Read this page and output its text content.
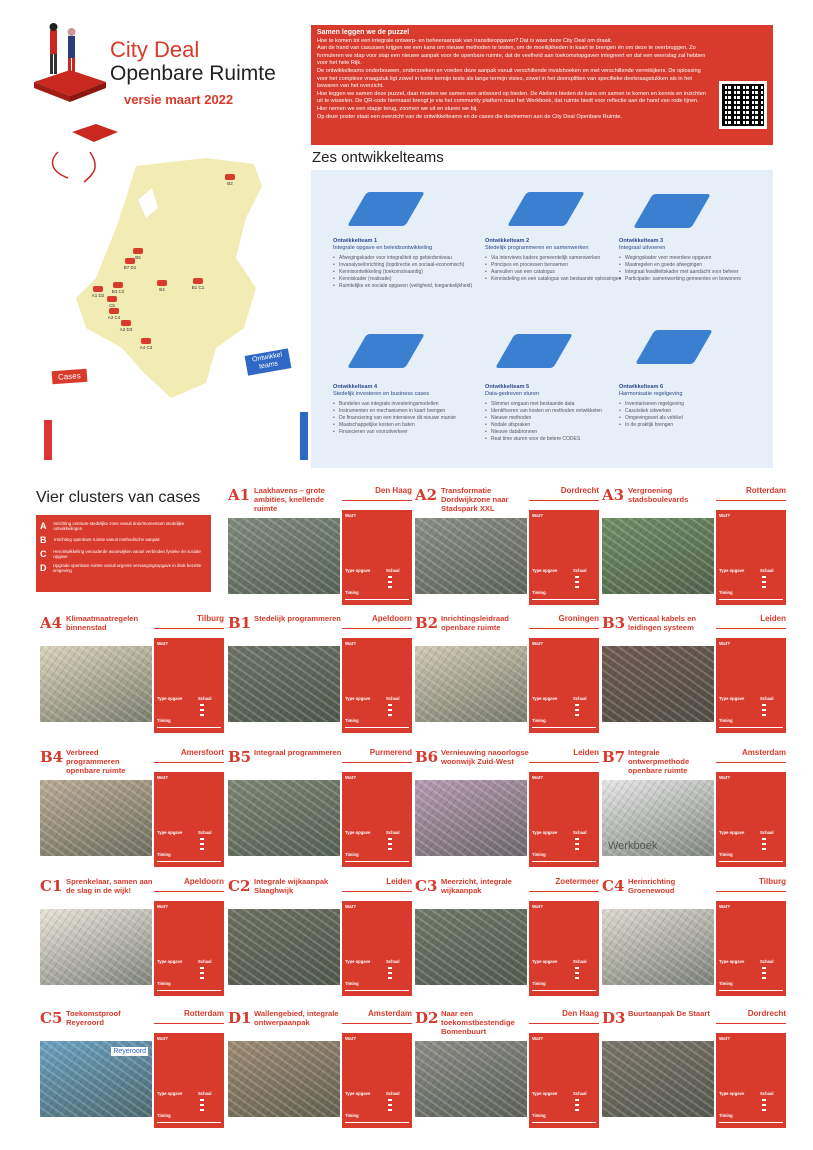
City Deal
Openbare Ruimte
versie maart 2022
B2
B5
B7 D1
B4	B1 C1
A1 D2
B3 C2
C5
A3 C4
A2 D3
A4 C3
Cases
Ontwikkel teams
Samen leggen we de puzzel
Hoe te komen tot een integrale ontwerp- en beheeraanpak van transitieopgaven? Dat is waar deze City Deal om draait.
Aan de hand van casussen krijgen we een kans om nieuwe methoden te testen, om de moeilijkheden in kaart te brengen én om deze te overbruggen. Zo formuleren we stap voor stap een nieuwe aanpak voor de openbare ruimte, dat de veelheid aan toekomstopgaven integreert en dat een weerslag zal hebben voor het hele Rijk.
De ontwikkelteams onderbouwen, onderzoeken en voeden deze aanpak vanuit verschillende invalshoeken en met verschillende verreikijkers. De oplossing voor het complexe vraagstuk ligt zowel in korte termijn tests als lange termijn visies, zowel in het doorsplitten van specifieke deelvraagstukken als in het bewaren van het overzicht.
Hoe leggen we samen deze puzzel, daar moeten we samen een antwoord op bieden. De Ateliers bieden de kans om samen te komen en kennis en inzichten uit te wisselen. De QR-code hiernaast brengt je via het community platform naar het Werkboek, dat ruimte biedt voor reflectie aan de hand van rode lijnen. Hier nemen we een stapje terug, zoomen we uit en sturen we bij.
Op deze poster staat een overzicht van de ontwikkelteams en de cases die deelnemen aan de City Deal Openbare Ruimte.
Zes ontwikkelteams
Ontwikkelteam 1
Integrale opgave en beleidsontwikkeling
• Afwegingskader voor integraliteit op gebiedsniveau
• Invanalyse/inrichting (topdirectie en sociaal-economisch)
• Kennisontwikkeling (toekomstvaardig)
• Kenniskader (realisatie)
• Ruimtelijke en sociale opgaven (veiligheid, toegankelijkheid)
Ontwikkelteam 2
Stedelijk programmeren en samenwerken
• Via interviews kaders gemeentelijk samenwerken
• Principes en processen benoemen
• Aanvullen van een catalogus
• Kennisdeling en een catalogus van bestaande oplossingen
Ontwikkelteam 3
Integraal uitvoeren
• Wegingskader voor meerdere opgaven
• Maatregelen en goede afwegingen
• Integraal kwaliteitskader met aandacht voor beheer
• Participatie: samenwerking gemeentes en bewoners
Ontwikkelteam 4
Stedelijk investeren en business cases
• Bundelen van integrale investeringsmodellen
• Instrumenten en mechanismen in kaart brengen
• De financiering van een intensieve dit nieuwe manier
• Maatschappelijke kosten en baten
• Financieren van vooruitverkeer
Ontwikkelteam 5
Data-gedreven sturen
• Slimmer omgaan met bestaande data
• Identificeren van kosten en methoden ontwikkelen
• Nieuwe methoden
• Nodale afspraken
• Nieuwe databronnen
• Real time sturen voor de betere CODES
Ontwikkelteam 6
Harmonisatie regelgeving
• Inventariseren regelgeving
• Casuïstiek uitwerken
• Omgevingswet als vehikel
• In de praktijk brengen
Vier clusters van cases
A	Inrichting centrum-stedelijke zone vanuit druk/momentum stedelijke ontwikkelingen
B	Inrichting openbare ruimte vanuit methodische aanpak
C	Herontwikkeling verouderde woonwijken vanuit verbinden fysieke én sociale opgave
D	Upgrade openbare ruimte vanuit urgente vervangingsopgave in druk bezette omgeving
A1 Laakhavens – grote ambities, knellende ruimte
Den Haag
Wat?
Type opgave	Schaal
Timing
A2 Transformatie Dordwijkzone naar Stadspark XXL
Dordrecht
Wat?
Type opgave	Schaal
Timing
A3 Vergroening stadsboulevards
Rotterdam
Wat?
Type opgave	Schaal
Timing
A4 Klimaatmaatregelen binnenstad
Tilburg
Wat?
Type opgave	Schaal
Timing
B1 Stedelijk programmeren	Apeldoorn
Wat?
Type opgave	Schaal
Timing
B2 Inrichtingsleidraad openbare ruimte
Groningen
Wat?
Type opgave	Schaal
Timing
B3 Verticaal kabels en leidingen systeem
Leiden
Wat?
Type opgave	Schaal
Timing
B4 Verbreed programmeren openbare ruimte
Amersfoort
Wat?
Type opgave	Schaal
Timing
B5 Integraal programmeren	Purmerend
Wat?
Type opgave	Schaal
Timing
B6 Vernieuwing naoorlogse woonwijk Zuid-West
Leiden
Wat?
Type opgave	Schaal
Timing
B7 Integrale ontwerpmethode openbare ruimte
Amsterdam
Werkboek
Wat?
Type opgave	Schaal
Timing
C1 Sprenkelaar, samen aan de slag in de wijk!
Apeldoorn
Wat?
Type opgave	Schaal
Timing
C2 Integrale wijkaanpak Slaaghwijk
Leiden
Wat?
Type opgave	Schaal
Timing
C3 Meerzicht, integrale wijkaanpak
Zoetermeer
Wat?
Type opgave	Schaal
Timing
C4 Herinrichting Groenewoud
Tilburg
Wat?
Type opgave	Schaal
Timing
C5 Toekomstproof Reyeroord
Rotterdam
Reyeroord
Wat?
Type opgave	Schaal
Timing
D1 Wallengebied, integrale ontwerpaanpak
Amsterdam
Wat?
Type opgave	Schaal
Timing
D2 Naar een toekomstbestendige Bomenbuurt
Den Haag
Wat?
Type opgave	Schaal
Timing
D3 Buurtaanpak De Staart	Dordrecht
Wat?
Type opgave	Schaal
Timing
